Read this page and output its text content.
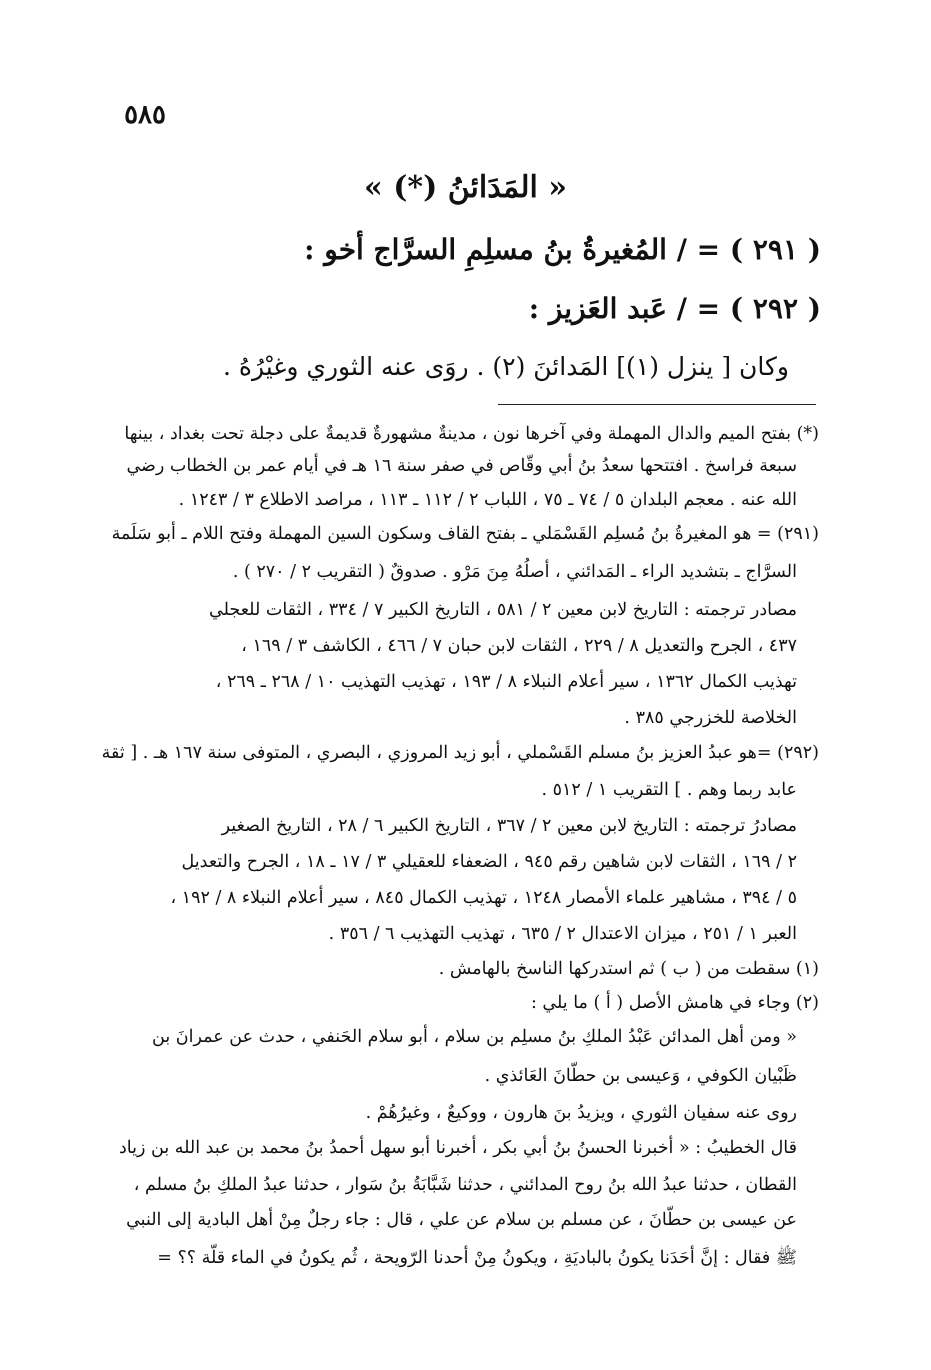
٥٨٥
« المَدَائنُ (*) »
( ٢٩١ ) = / المُغيرةُ بنُ مسلِمِ السرَّاج أخو :
( ٢٩٢ ) = / عَبد العَزيز :
وكان [ ينزل (١)] المَدائنَ (٢) . روَى عنه الثوري وغيْرُهُ .
(*) بفتح الميم والدال المهملة وفي آخرها نون ، مدينةٌ مشهورةٌ قديمةٌ على دجلة تحت بغداد ، بينها
سبعة فراسخ . افتتحها سعدُ بنُ أبي وقّاص في صفر سنة ١٦ هـ في أيام عمر بن الخطاب رضي
الله عنه . معجم البلدان ٥ / ٧٤ ـ ٧٥ ، اللباب ٢ / ١١٢ ـ ١١٣ ، مراصد الاطلاع ٣ / ١٢٤٣ .
(٢٩١) = هو المغيرةُ بنُ مُسلِم القَسْمَلي ـ بفتح القاف وسكون السين المهملة وفتح اللام ـ أبو سَلَمة
السرَّاج ـ بتشديد الراء ـ المَدائني ، أصلُهُ مِنَ مَرْو . صدوقٌ ( التقريب ٢ / ٢٧٠ ) .
مصادر ترجمته : التاريخ لابن معين ٢ / ٥٨١ ، التاريخ الكبير ٧ / ٣٣٤ ، الثقات للعجلي
٤٣٧ ، الجرح والتعديل ٨ / ٢٢٩ ، الثقات لابن حبان ٧ / ٤٦٦ ، الكاشف ٣ / ١٦٩ ،
تهذيب الكمال ١٣٦٢ ، سير أعلام النبلاء ٨ / ١٩٣ ، تهذيب التهذيب ١٠ / ٢٦٨ ـ ٢٦٩ ،
الخلاصة للخزرجي ٣٨٥ .
(٢٩٢) =هو عبدُ العزيز بنُ مسلم القَسْملي ، أبو زيد المروزي ، البصري ، المتوفى سنة ١٦٧ هـ . [ ثقة
عابد ربما وهم . ] التقريب ١ / ٥١٢ .
مصادرُ ترجمته : التاريخ لابن معين ٢ / ٣٦٧ ، التاريخ الكبير ٦ / ٢٨ ، التاريخ الصغير
٢ / ١٦٩ ، الثقات لابن شاهين رقم ٩٤٥ ، الضعفاء للعقيلي ٣ / ١٧ ـ ١٨ ، الجرح والتعديل
٥ / ٣٩٤ ، مشاهير علماء الأمصار ١٢٤٨ ، تهذيب الكمال ٨٤٥ ، سير أعلام النبلاء ٨ / ١٩٢ ،
العبر ١ / ٢٥١ ، ميزان الاعتدال ٢ / ٦٣٥ ، تهذيب التهذيب ٦ / ٣٥٦ .
(١) سقطت من ( ب ) ثم استدركها الناسخ بالهامش .
(٢) وجاء في هامش الأصل ( أ ) ما يلي :
« ومن أهل المدائن عَبْدُ الملكِ بنُ مسلِم بن سلام ، أبو سلام الحَنفي ، حدث عن عمرانَ بن
ظَبْيان الكوفي ، وَعيسى بن حطّانَ العَائذي .
روى عنه سفيان الثوري ، ويزيدُ بنَ هارون ، ووكيعٌ ، وغيرُهُمْ .
قال الخطيبُ : « أخبرنا الحسنُ بنُ أبي بكر ، أخبرنا أبو سهل أحمدُ بنُ محمد بن عبد الله بن زياد
القطان ، حدثنا عبدُ الله بنُ روح المدائني ، حدثنا شَبَّابَةُ بنُ سَوار ، حدثنا عبدُ الملكِ بنُ مسلم ،
عن عيسى بن حطّانَ ، عن مسلم بن سلام عن علي ، قال : جاء رجلٌ مِنْ أهل البادية إلى النبي
ﷺ فقال : إنَّ أحَدَنا يكونُ بالباديَةِ ، ويكونُ مِنْ أحدنا الرّويحة ، ثُم يكونُ في الماء قلّة ؟؟ =
